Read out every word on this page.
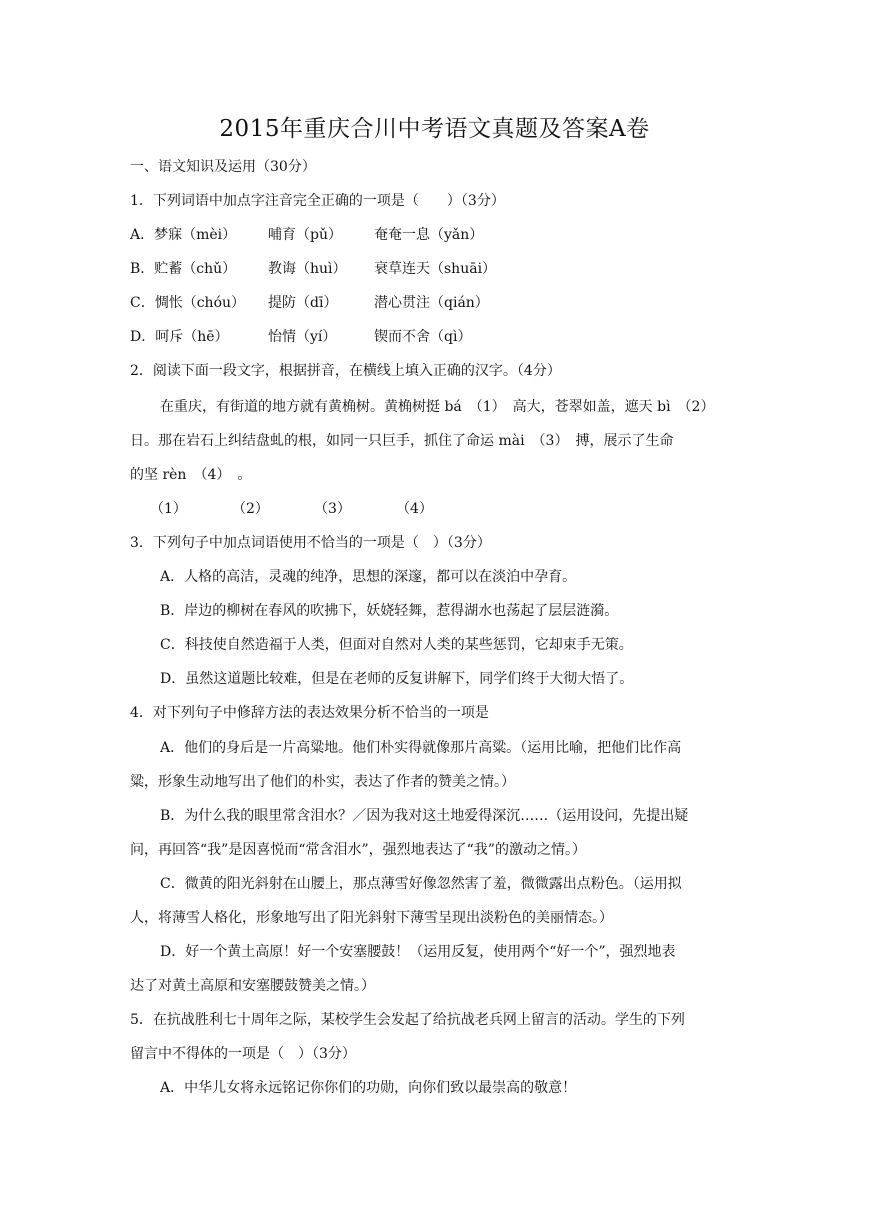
2015年重庆合川中考语文真题及答案A卷
一、语文知识及运用（30分）
1．下列词语中加点字注音完全正确的一项是（　　）（3分）
A．梦寐（mèi） 哺育（pǔ） 奄奄一息（yǎn）
B．贮蓄（chǔ） 教诲（huì） 衰草连天（shuāi）
C．惆怅（chóu） 提防（dī）	潜心贯注（qián）
D．呵斥（hē）	怡情（yí）	锲而不舍（qì）
2．阅读下面一段文字，根据拼音，在横线上填入正确的汉字。（4分）
在重庆，有街道的地方就有黄桷树。黄桷树挺 bá　（1）　高大，苍翠如盖，遮天 bì　（2）
日。那在岩石上纠结盘虬的根，如同一只巨手，抓住了命运 mài　（3）　搏，展示了生命
的坚 rèn　（4）　。
（1）	（2）	（3）	（4）
3．下列句子中加点词语使用不恰当的一项是（　）（3分）
A．人格的高洁，灵魂的纯净，思想的深邃，都可以在淡泊中孕育。
B．岸边的柳树在春风的吹拂下，妖娆轻舞，惹得湖水也荡起了层层涟漪。
C．科技使自然造福于人类，但面对自然对人类的某些惩罚，它却束手无策。
D．虽然这道题比较难，但是在老师的反复讲解下，同学们终于大彻大悟了。
4．对下列句子中修辞方法的表达效果分析不恰当的一项是
A．他们的身后是一片高粱地。他们朴实得就像那片高粱。（运用比喻，把他们比作高
粱，形象生动地写出了他们的朴实，表达了作者的赞美之情。）
B．为什么我的眼里常含泪水？／因为我对这土地爱得深沉……（运用设问，先提出疑
问，再回答“我”是因喜悦而“常含泪水”，强烈地表达了“我”的激动之情。）
C．微黄的阳光斜射在山腰上，那点薄雪好像忽然害了羞，微微露出点粉色。（运用拟
人，将薄雪人格化，形象地写出了阳光斜射下薄雪呈现出淡粉色的美丽情态。）
D．好一个黄土高原！好一个安塞腰鼓！（运用反复，使用两个“好一个”，强烈地表
达了对黄土高原和安塞腰鼓赞美之情。）
5．在抗战胜利七十周年之际，某校学生会发起了给抗战老兵网上留言的活动。学生的下列
留言中不得体的一项是（　）（3分）
A．中华儿女将永远铭记你你们的功勋，向你们致以最崇高的敬意！
